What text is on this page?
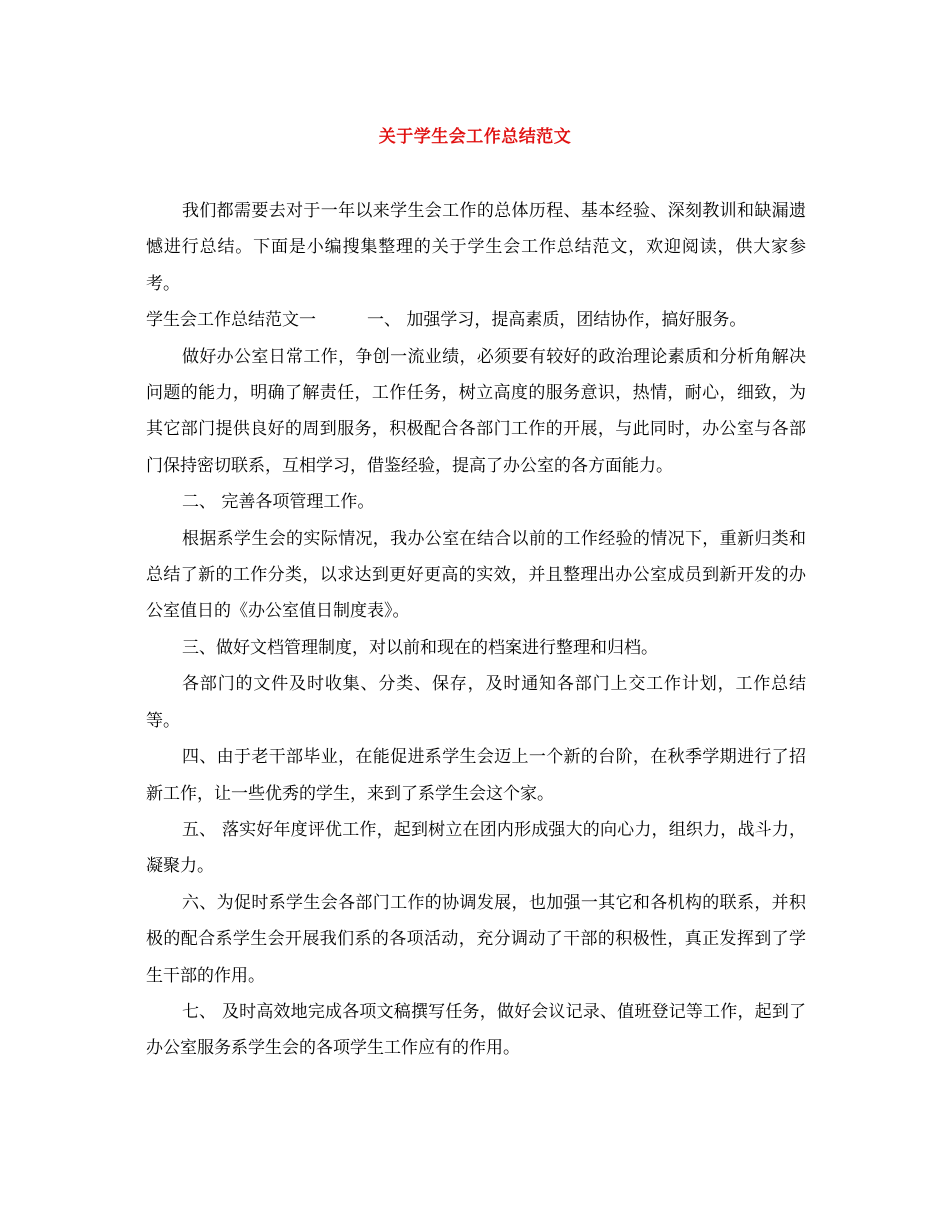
关于学生会工作总结范文

我们都需要去对于一年以来学生会工作的总体历程、基本经验、深刻教训和缺漏遗憾进行总结。下面是小编搜集整理的关于学生会工作总结范文，欢迎阅读，供大家参考。

学生会工作总结范文一　　　一、 加强学习，提高素质，团结协作，搞好服务。

做好办公室日常工作，争创一流业绩，必须要有较好的政治理论素质和分析角解决问题的能力，明确了解责任，工作任务，树立高度的服务意识，热情，耐心，细致，为其它部门提供良好的周到服务，积极配合各部门工作的开展，与此同时，办公室与各部门保持密切联系，互相学习，借鉴经验，提高了办公室的各方面能力。

二、 完善各项管理工作。

根据系学生会的实际情况，我办公室在结合以前的工作经验的情况下，重新归类和总结了新的工作分类，以求达到更好更高的实效，并且整理出办公室成员到新开发的办公室值日的《办公室值日制度表》。

三、做好文档管理制度，对以前和现在的档案进行整理和归档。

各部门的文件及时收集、分类、保存，及时通知各部门上交工作计划，工作总结等。

四、由于老干部毕业，在能促进系学生会迈上一个新的台阶，在秋季学期进行了招新工作，让一些优秀的学生，来到了系学生会这个家。

五、 落实好年度评优工作，起到树立在团内形成强大的向心力，组织力，战斗力，凝聚力。

六、为促时系学生会各部门工作的协调发展，也加强一其它和各机构的联系，并积极的配合系学生会开展我们系的各项活动，充分调动了干部的积极性，真正发挥到了学生干部的作用。

七、 及时高效地完成各项文稿撰写任务，做好会议记录、值班登记等工作，起到了办公室服务系学生会的各项学生工作应有的作用。
